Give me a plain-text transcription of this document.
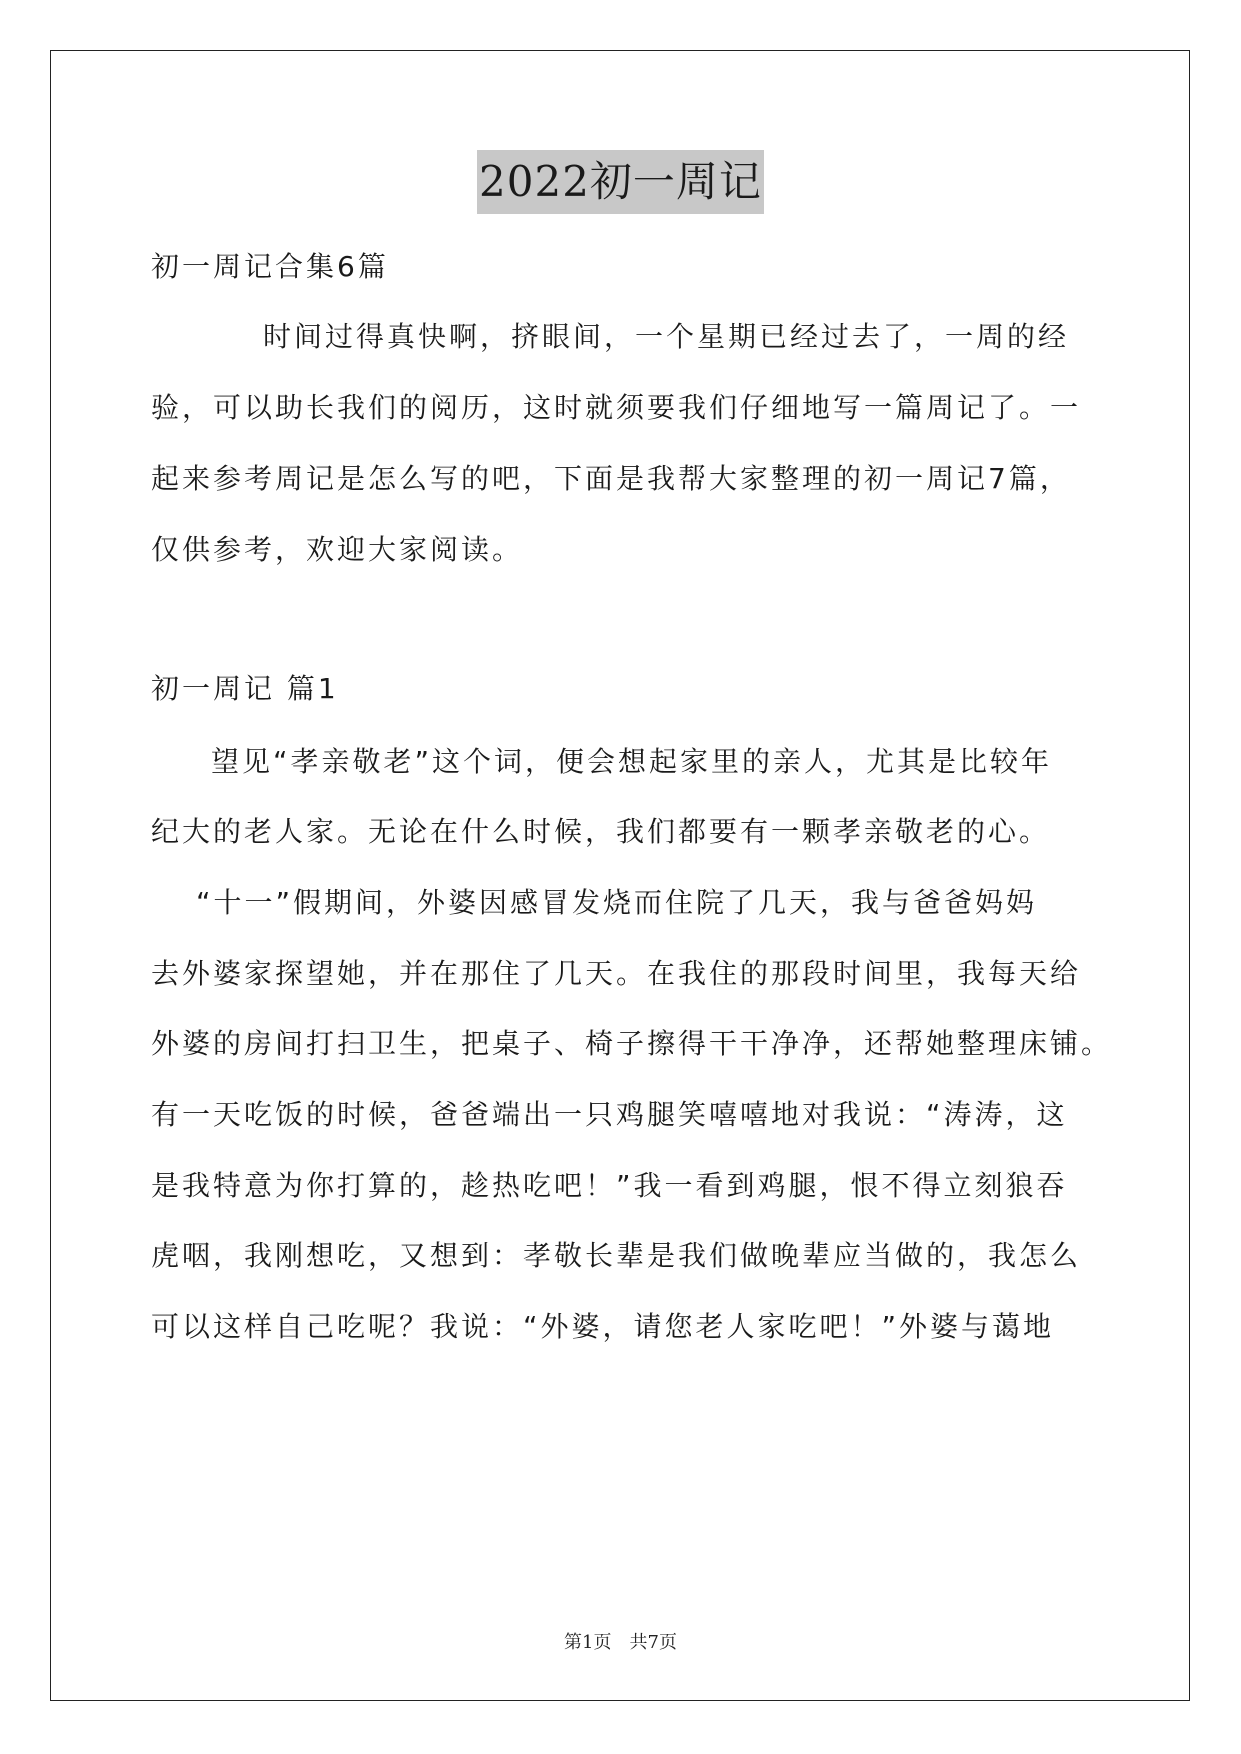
2022初一周记
初一周记合集6篇
时间过得真快啊，挤眼间，一个星期已经过去了，一周的经
验，可以助长我们的阅历，这时就须要我们仔细地写一篇周记了。一
起来参考周记是怎么写的吧，下面是我帮大家整理的初一周记7篇，
仅供参考，欢迎大家阅读。
初一周记 篇1
望见“孝亲敬老”这个词，便会想起家里的亲人，尤其是比较年
纪大的老人家。无论在什么时候，我们都要有一颗孝亲敬老的心。
“十一”假期间，外婆因感冒发烧而住院了几天，我与爸爸妈妈
去外婆家探望她，并在那住了几天。在我住的那段时间里，我每天给
外婆的房间打扫卫生，把桌子、椅子擦得干干净净，还帮她整理床铺。
有一天吃饭的时候，爸爸端出一只鸡腿笑嘻嘻地对我说：“涛涛，这
是我特意为你打算的，趁热吃吧！”我一看到鸡腿，恨不得立刻狼吞
虎咽，我刚想吃，又想到：孝敬长辈是我们做晚辈应当做的，我怎么
可以这样自己吃呢？我说：“外婆，请您老人家吃吧！”外婆与蔼地
第1页　共7页
